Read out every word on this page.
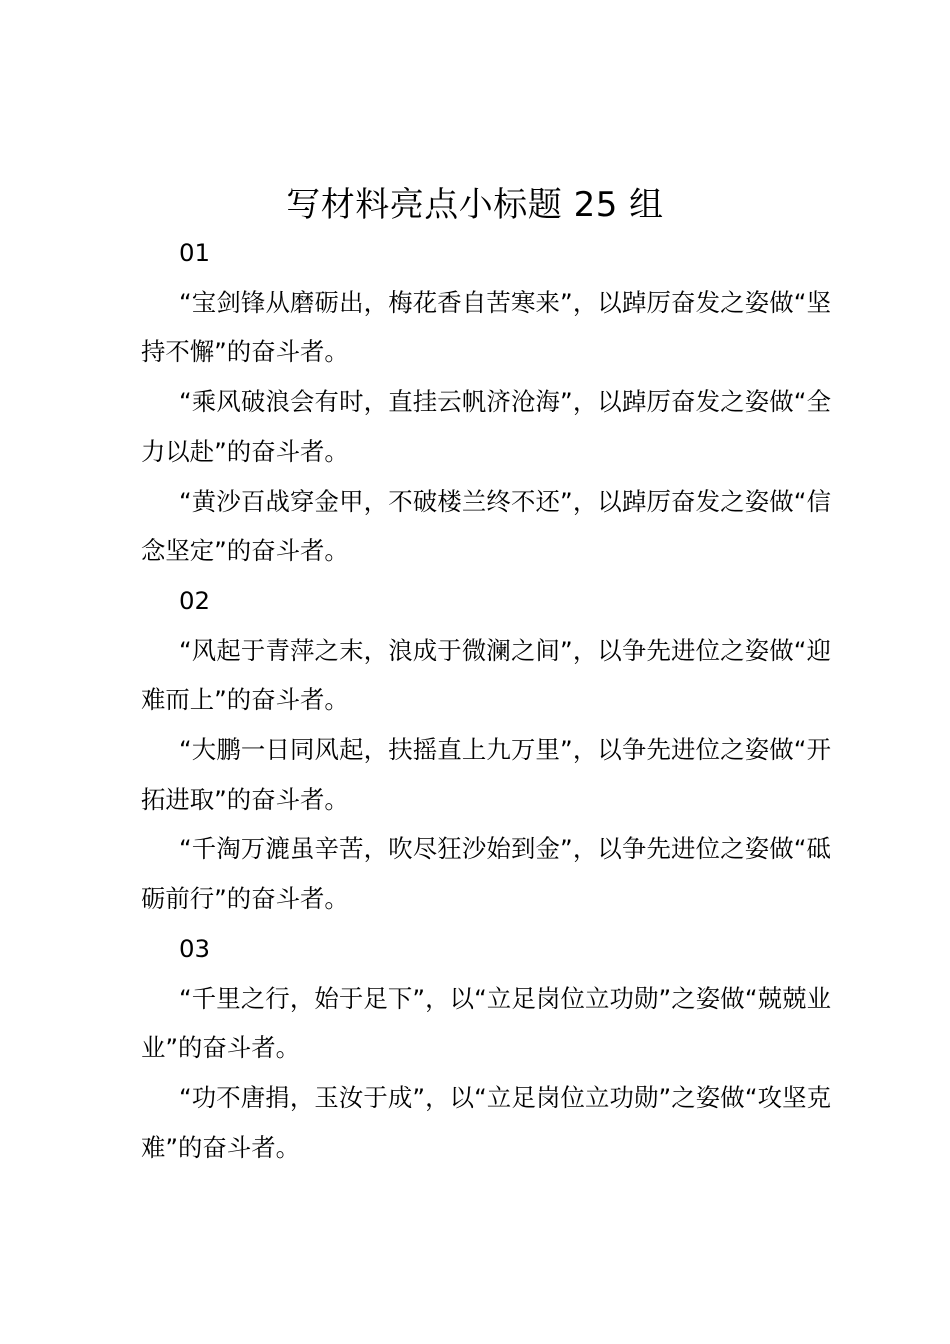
写材料亮点小标题 25 组

01

“宝剑锋从磨砺出，梅花香自苦寒来”，以踔厉奋发之姿做“坚持不懈”的奋斗者。

“乘风破浪会有时，直挂云帆济沧海”，以踔厉奋发之姿做“全力以赴”的奋斗者。

“黄沙百战穿金甲，不破楼兰终不还”，以踔厉奋发之姿做“信念坚定”的奋斗者。

02

“风起于青萍之末，浪成于微澜之间”，以争先进位之姿做“迎难而上”的奋斗者。

“大鹏一日同风起，扶摇直上九万里”，以争先进位之姿做“开拓进取”的奋斗者。

“千淘万漉虽辛苦，吹尽狂沙始到金”，以争先进位之姿做“砥砺前行”的奋斗者。

03

“千里之行，始于足下”，以“立足岗位立功勋”之姿做“兢兢业业”的奋斗者。

“功不唐捐，玉汝于成”，以“立足岗位立功勋”之姿做“攻坚克难”的奋斗者。
